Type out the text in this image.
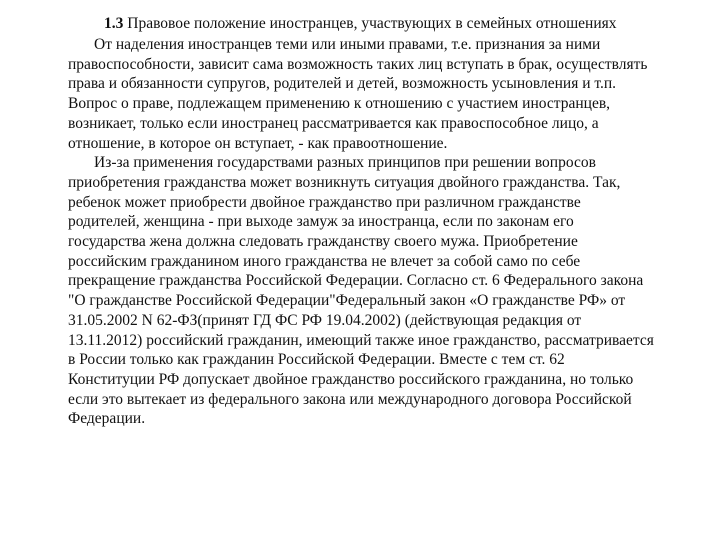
1.3 Правовое положение иностранцев, участвующих в семейных отношениях
От наделения иностранцев теми или иными правами, т.е. признания за ними
правоспособности, зависит сама возможность таких лиц вступать в брак, осуществлять
права и обязанности супругов, родителей и детей, возможность усыновления и т.п.
Вопрос о праве, подлежащем применению к отношению с участием иностранцев,
возникает, только если иностранец рассматривается как правоспособное лицо, а
отношение, в которое он вступает, - как правоотношение.
Из-за применения государствами разных принципов при решении вопросов
приобретения гражданства может возникнуть ситуация двойного гражданства. Так,
ребенок может приобрести двойное гражданство при различном гражданстве
родителей, женщина - при выходе замуж за иностранца, если по законам его
государства жена должна следовать гражданству своего мужа. Приобретение
российским гражданином иного гражданства не влечет за собой само по себе
прекращение гражданства Российской Федерации. Согласно ст. 6 Федерального закона
"О гражданстве Российской Федерации"Федеральный закон «О гражданстве РФ» от
31.05.2002 N 62-ФЗ(принят ГД ФС РФ 19.04.2002) (действующая редакция от
13.11.2012) российский гражданин, имеющий также иное гражданство, рассматривается
в России только как гражданин Российской Федерации. Вместе с тем ст. 62
Конституции РФ допускает двойное гражданство российского гражданина, но только
если это вытекает из федерального закона или международного договора Российской
Федерации.
